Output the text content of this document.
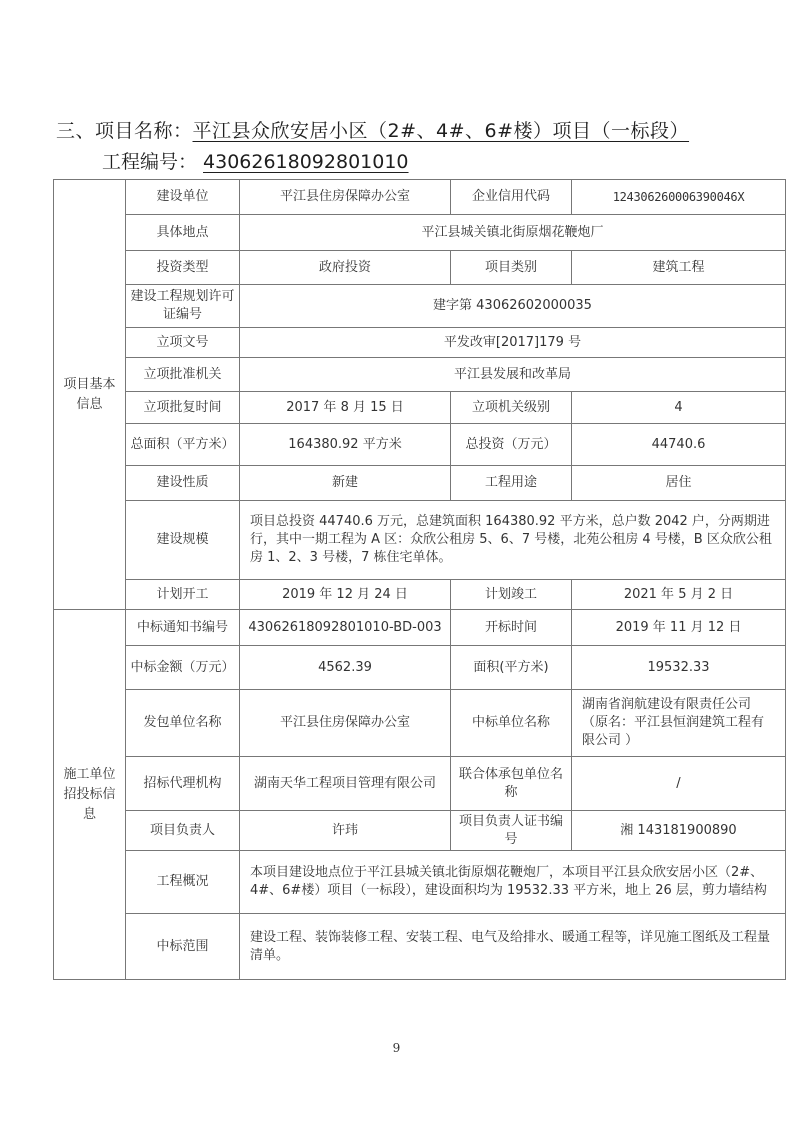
三、项目名称：平江县众欣安居小区（2#、4#、6#楼）项目（一标段）
工程编号： 43062618092801010
项目基本信息	建设单位	平江县住房保障办公室	企业信用代码	12430626000639004​6X
	具体地点	平江县城关镇北街原烟花鞭炮厂		
	投资类型	政府投资	项目类别	建筑工程
	建设工程规划许可证编号	建字第 43062602000035		
	立项文号	平发改审[2017]179 号		
	立项批准机关	平江县发展和改革局		
	立项批复时间	2017 年 8 月 15 日	立项机关级别	4
	总面积（平方米）	164380.92 平方米	总投资（万元）	44740.6
	建设性质	新建	工程用途	居住
	建设规模	项目总投资 44740.6 万元，总建筑面积 164380.92 平方米，总户数 2042 户，分两期进行，其中一期工程为 A 区：众欣公租房 5、6、7 号楼，北苑公租房 4 号楼，B 区众欣公租房 1、2、3 号楼，7 栋住宅单体。		
	计划开工	2019 年 12 月 24 日	计划竣工	2021 年 5 月 2 日
施工单位招投标信息	中标通知书编号	43062618092801010-BD-003	开标时间	2019 年 11 月 12 日
	中标金额（万元）	4562.39	面积(平方米)	19532.33
	发包单位名称	平江县住房保障办公室	中标单位名称	湖南省润航建设有限责任公司（原名：平江县恒润建筑工程有限公司 ）
	招标代理机构	湖南天华工程项目管理有限公司	联合体承包单位名称	/
	项目负责人	许玮	项目负责人证书编号	湘 143181900890
	工程概况	本项目建设地点位于平江县城关镇北街原烟花鞭炮厂，本项目平江县众欣安居小区（2#、4#、6#楼）项目（一标段），建设面积均为 19532.33 平方米，地上 26 层，剪力墙结构		
	中标范围	建设工程、装饰装修工程、安装工程、电气及给排水、暖通工程等，详见施工图纸及工程量清单。		
9
